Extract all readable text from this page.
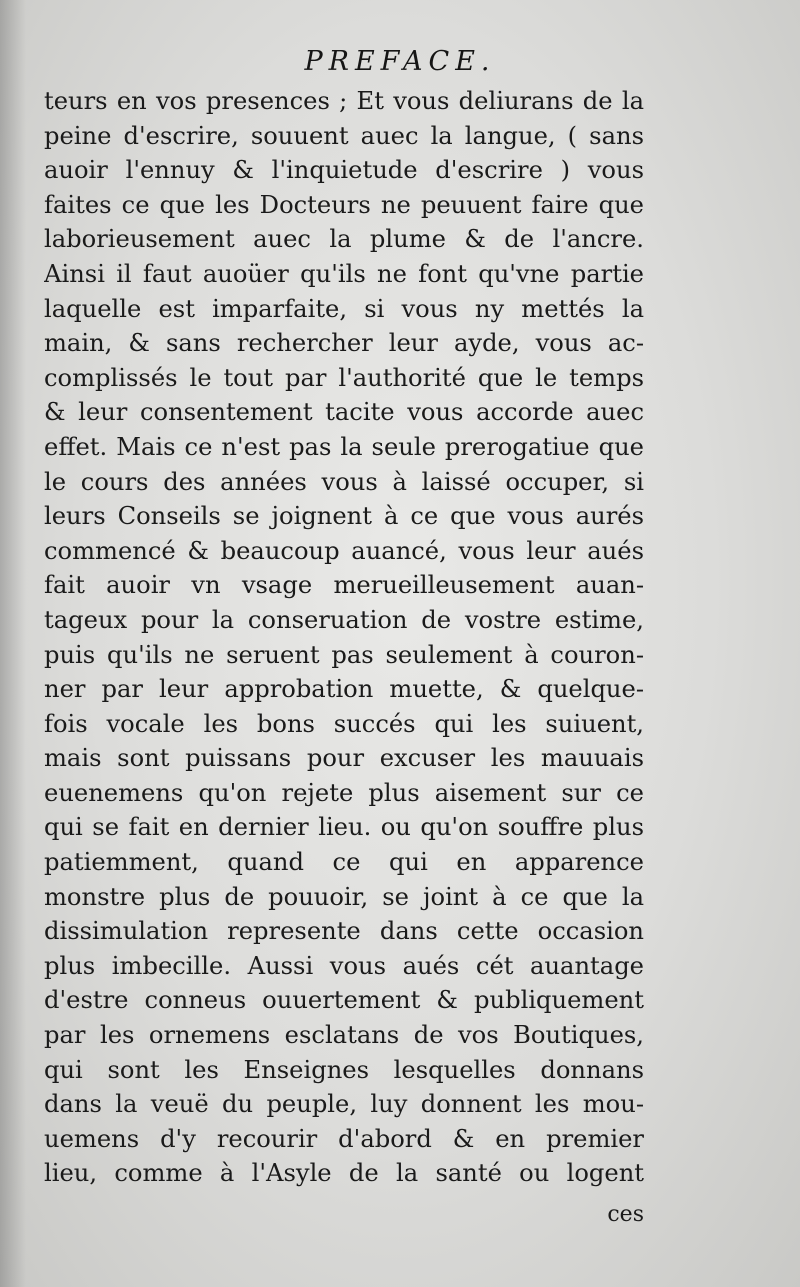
PREFACE.
teurs en vos presences ; Et vous deliurans de la
peine d'escrire, souuent auec la langue, ( sans
auoir l'ennuy & l'inquietude d'escrire ) vous
faites ce que les Docteurs ne peuuent faire que
laborieusement auec la plume & de l'ancre.
Ainsi il faut auoüer qu'ils ne font qu'vne partie
laquelle est imparfaite, si vous ny mettés la
main, & sans rechercher leur ayde, vous ac-
complissés le tout par l'authorité que le temps
& leur consentement tacite vous accorde auec
effet. Mais ce n'est pas la seule prerogatiue que
le cours des années vous à laissé occuper, si
leurs Conseils se joignent à ce que vous aurés
commencé & beaucoup auancé, vous leur aués
fait auoir vn vsage merueilleusement auan-
tageux pour la conseruation de vostre estime,
puis qu'ils ne seruent pas seulement à couron-
ner par leur approbation muette, & quelque-
fois vocale les bons succés qui les suiuent,
mais sont puissans pour excuser les mauuais
euenemens qu'on rejete plus aisement sur ce
qui se fait en dernier lieu. ou qu'on souffre plus
patiemment, quand ce qui en apparence
monstre plus de pouuoir, se joint à ce que la
dissimulation represente dans cette occasion
plus imbecille. Aussi vous aués cét auantage
d'estre conneus ouuertement & publiquement
par les ornemens esclatans de vos Boutiques,
qui sont les Enseignes lesquelles donnans
dans la veuë du peuple, luy donnent les mou-
uemens d'y recourir d'abord & en premier
lieu, comme à l'Asyle de la santé ou logent
ces
